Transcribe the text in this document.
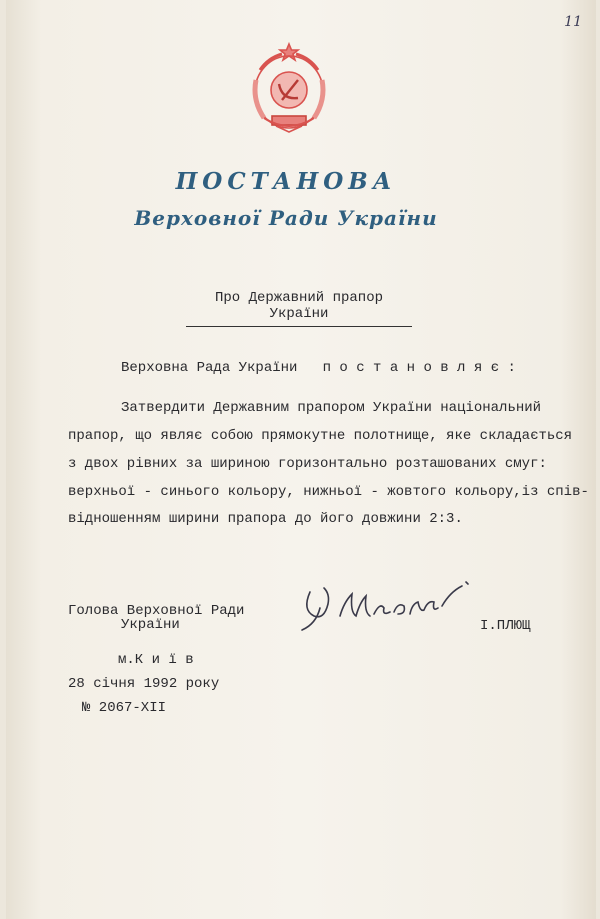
11
ПОСТАНОВА
Верховної Ради України
Про Державний прапор України
Верховна Рада України   п о с т а н о в л я є :
Затвердити Державним прапором України національний
прапор, що являє собою прямокутне полотнище, яке складається
з двох рівних за шириною горизонтально розташованих смуг:
верхньої - синього кольору, нижньої - жовтого кольору,із спів-
відношенням ширини прапора до його довжини 2:3.
Голова Верховної Ради
України	І.ПЛЮЩ
м.К и ї в
28 січня 1992 року
№ 2067-XII
